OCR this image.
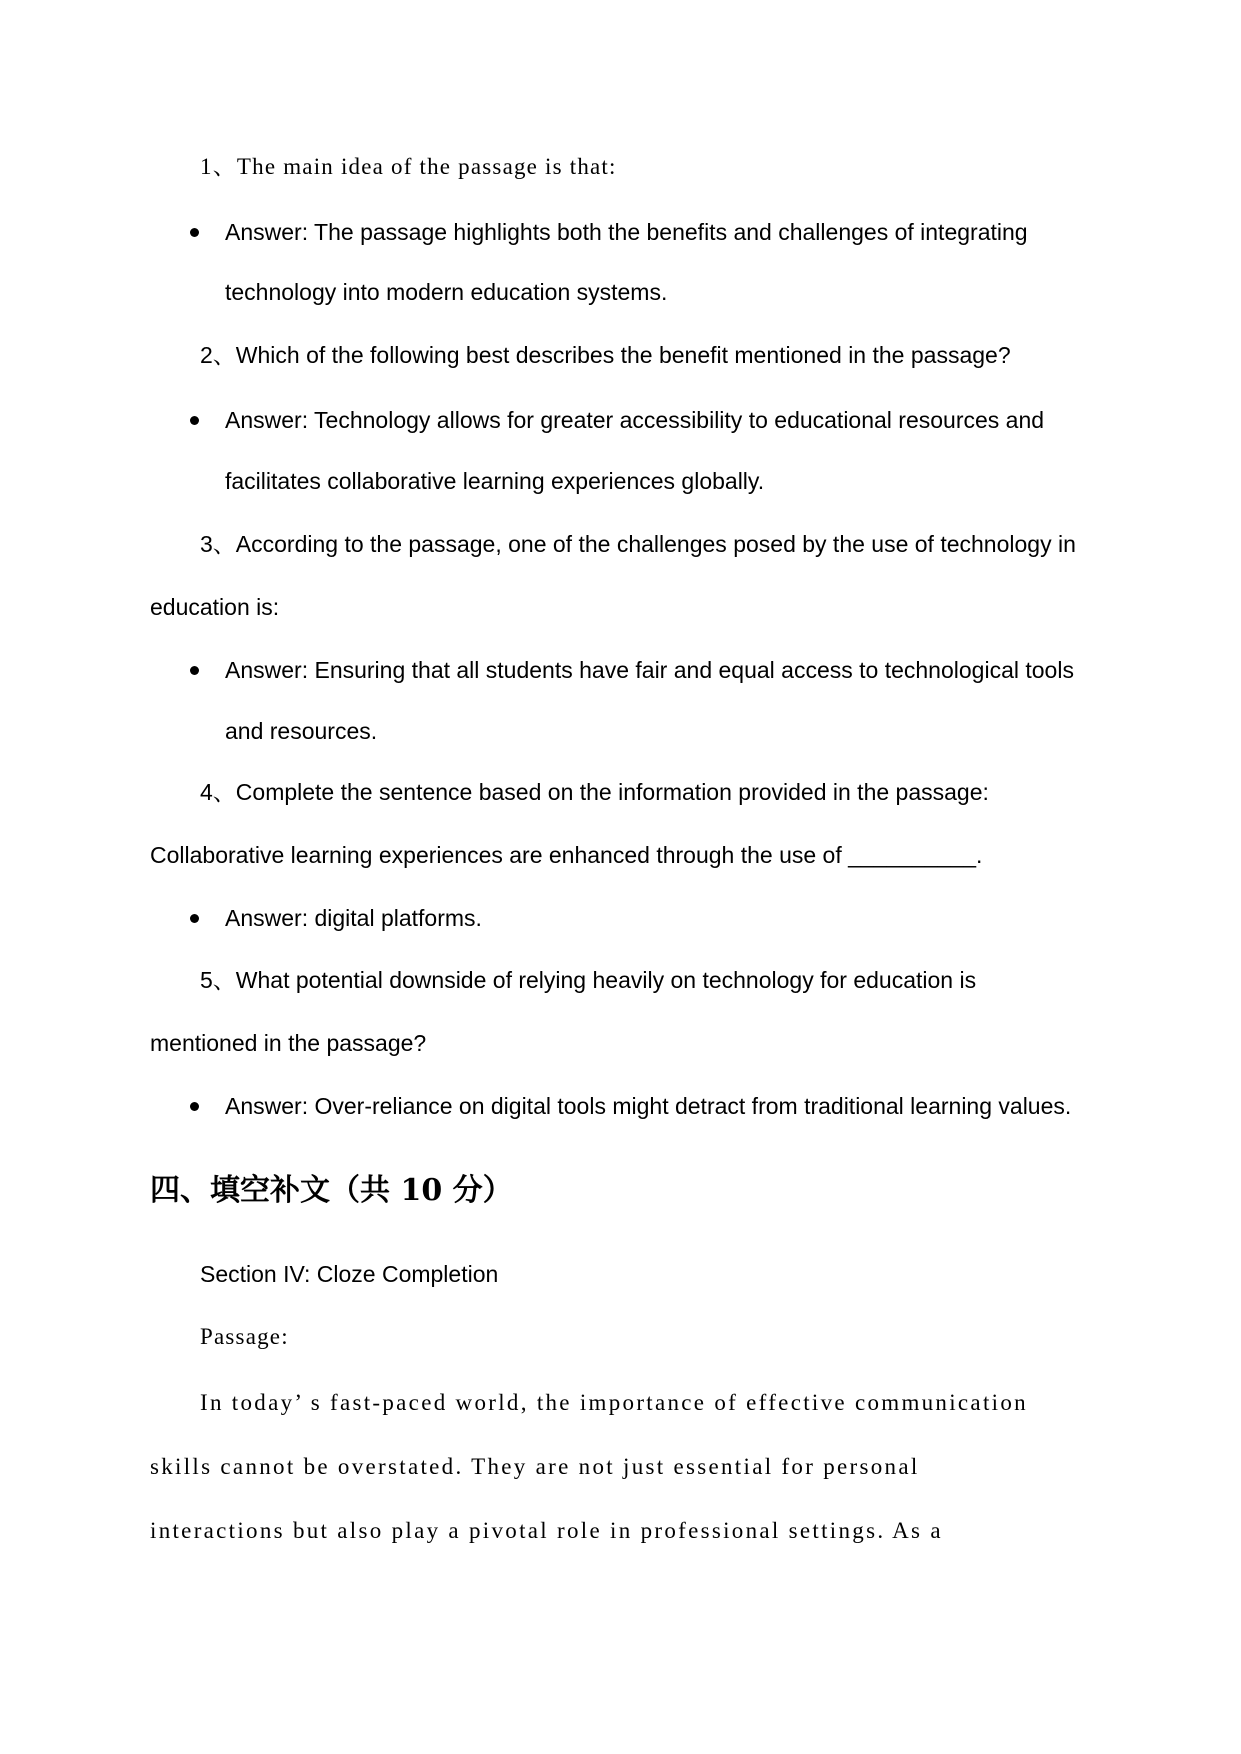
1、The main idea of the passage is that:
Answer: The passage highlights both the benefits and challenges of integrating
technology into modern education systems.
2、Which of the following best describes the benefit mentioned in the passage?
Answer: Technology allows for greater accessibility to educational resources and
facilitates collaborative learning experiences globally.
3、According to the passage, one of the challenges posed by the use of technology in
education is:
Answer: Ensuring that all students have fair and equal access to technological tools
and resources.
4、Complete the sentence based on the information provided in the passage:
Collaborative learning experiences are enhanced through the use of __________.
Answer: digital platforms.
5、What potential downside of relying heavily on technology for education is
mentioned in the passage?
Answer: Over-reliance on digital tools might detract from traditional learning values.
四、填空补文（共 10 分）
Section IV: Cloze Completion
Passage:
In today’ s fast-paced world, the importance of effective communication
skills cannot be overstated. They are not just essential for personal
interactions but also play a pivotal role in professional settings. As a
